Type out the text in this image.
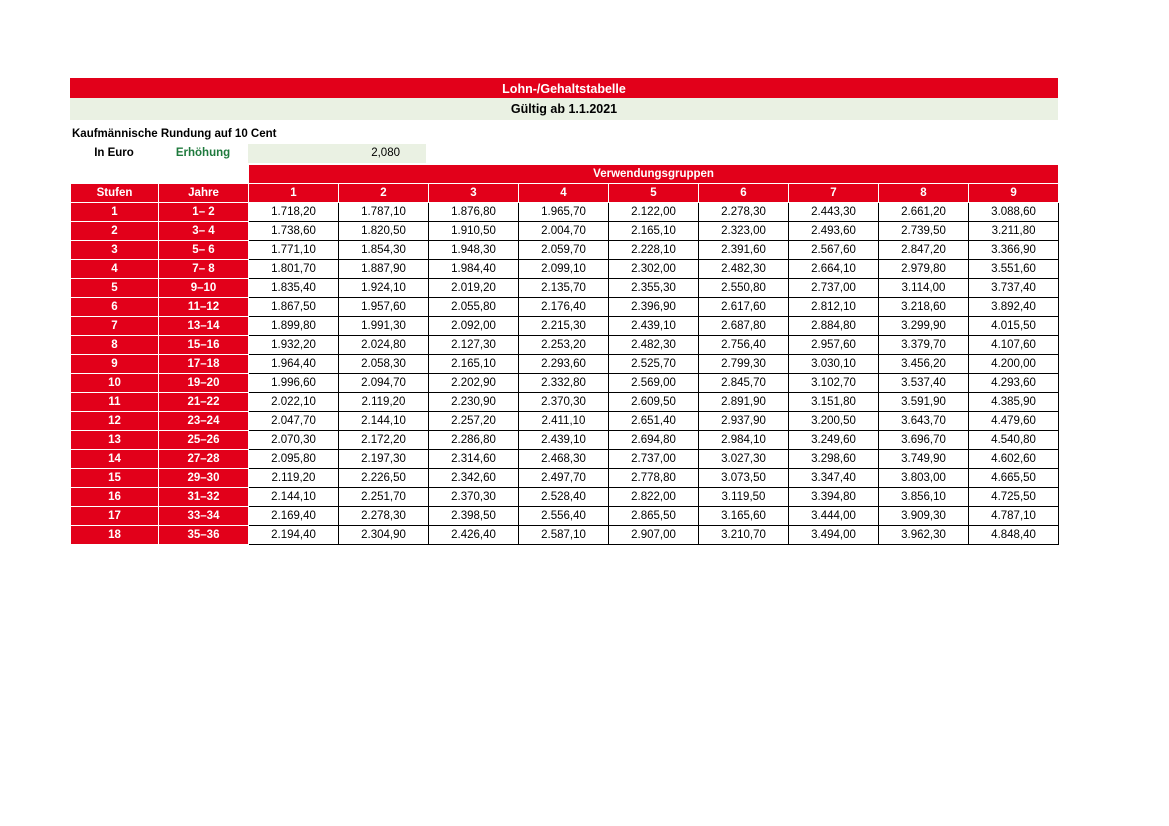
Lohn-/Gehaltstabelle
Gültig ab 1.1.2021
Kaufmännische Rundung auf 10 Cent
In Euro	Erhöhung	2,080
		Verwendungsgruppen								
Stufen	Jahre	1	2	3	4	5	6	7	8	9
1	1– 2	1.718,20	1.787,10	1.876,80	1.965,70	2.122,00	2.278,30	2.443,30	2.661,20	3.088,60
2	3– 4	1.738,60	1.820,50	1.910,50	2.004,70	2.165,10	2.323,00	2.493,60	2.739,50	3.211,80
3	5– 6	1.771,10	1.854,30	1.948,30	2.059,70	2.228,10	2.391,60	2.567,60	2.847,20	3.366,90
4	7– 8	1.801,70	1.887,90	1.984,40	2.099,10	2.302,00	2.482,30	2.664,10	2.979,80	3.551,60
5	9–10	1.835,40	1.924,10	2.019,20	2.135,70	2.355,30	2.550,80	2.737,00	3.114,00	3.737,40
6	11–12	1.867,50	1.957,60	2.055,80	2.176,40	2.396,90	2.617,60	2.812,10	3.218,60	3.892,40
7	13–14	1.899,80	1.991,30	2.092,00	2.215,30	2.439,10	2.687,80	2.884,80	3.299,90	4.015,50
8	15–16	1.932,20	2.024,80	2.127,30	2.253,20	2.482,30	2.756,40	2.957,60	3.379,70	4.107,60
9	17–18	1.964,40	2.058,30	2.165,10	2.293,60	2.525,70	2.799,30	3.030,10	3.456,20	4.200,00
10	19–20	1.996,60	2.094,70	2.202,90	2.332,80	2.569,00	2.845,70	3.102,70	3.537,40	4.293,60
11	21–22	2.022,10	2.119,20	2.230,90	2.370,30	2.609,50	2.891,90	3.151,80	3.591,90	4.385,90
12	23–24	2.047,70	2.144,10	2.257,20	2.411,10	2.651,40	2.937,90	3.200,50	3.643,70	4.479,60
13	25–26	2.070,30	2.172,20	2.286,80	2.439,10	2.694,80	2.984,10	3.249,60	3.696,70	4.540,80
14	27–28	2.095,80	2.197,30	2.314,60	2.468,30	2.737,00	3.027,30	3.298,60	3.749,90	4.602,60
15	29–30	2.119,20	2.226,50	2.342,60	2.497,70	2.778,80	3.073,50	3.347,40	3.803,00	4.665,50
16	31–32	2.144,10	2.251,70	2.370,30	2.528,40	2.822,00	3.119,50	3.394,80	3.856,10	4.725,50
17	33–34	2.169,40	2.278,30	2.398,50	2.556,40	2.865,50	3.165,60	3.444,00	3.909,30	4.787,10
18	35–36	2.194,40	2.304,90	2.426,40	2.587,10	2.907,00	3.210,70	3.494,00	3.962,30	4.848,40
